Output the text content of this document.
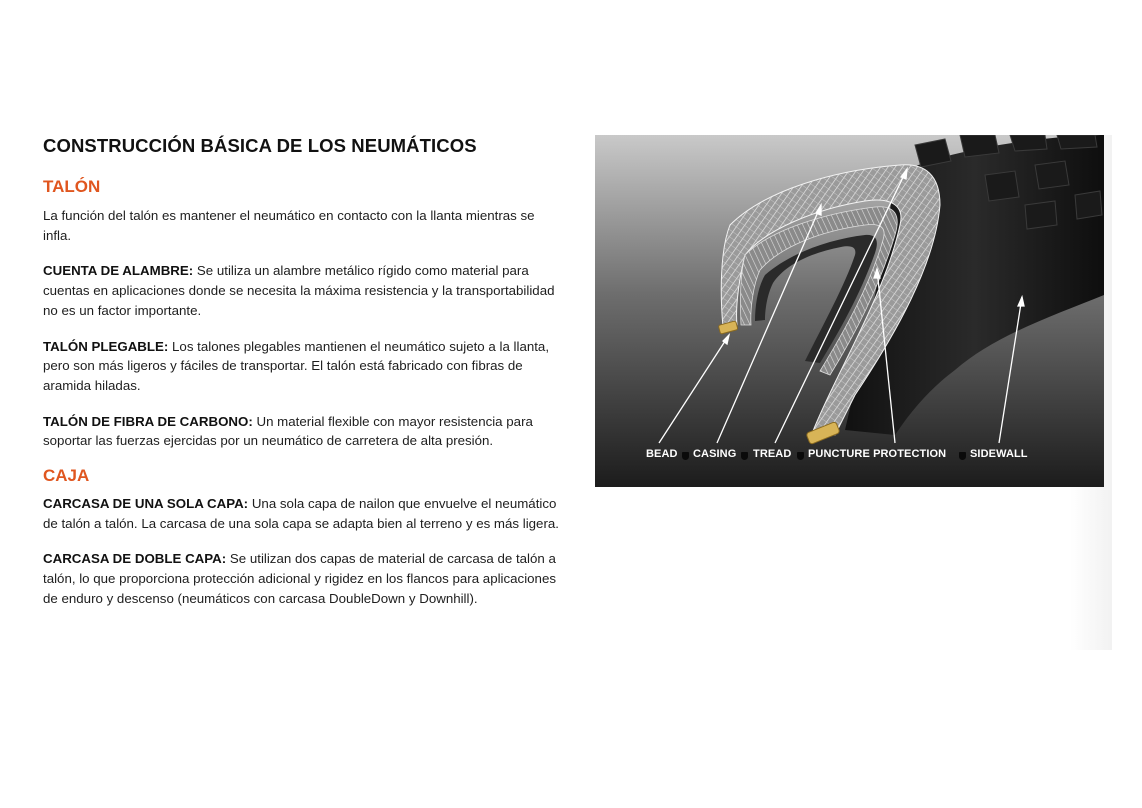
CONSTRUCCIÓN BÁSICA DE LOS NEUMÁTICOS
TALÓN

La función del talón es mantener el neumático en contacto con la llanta mientras se infla.

CUENTA DE ALAMBRE: Se utiliza un alambre metálico rígido como material para cuentas en aplicaciones donde se necesita la máxima resistencia y la transportabilidad no es un factor importante.

TALÓN PLEGABLE: Los talones plegables mantienen el neumático sujeto a la llanta, pero son más ligeros y fáciles de transportar. El talón está fabricado con fibras de aramida hiladas.

TALÓN DE FIBRA DE CARBONO: Un material flexible con mayor resistencia para soportar las fuerzas ejercidas por un neumático de carretera de alta presión.

CAJA

CARCASA DE UNA SOLA CAPA: Una sola capa de nailon que envuelve el neumático de talón a talón. La carcasa de una sola capa se adapta bien al terreno y es más ligera.

CARCASA DE DOBLE CAPA: Se utilizan dos capas de material de carcasa de talón a talón, lo que proporciona protección adicional y rigidez en los flancos para aplicaciones de enduro y descenso (neumáticos con carcasa DoubleDown y Downhill).

BEAD CASING TREAD PUNCTURE PROTECTION SIDEWALL
